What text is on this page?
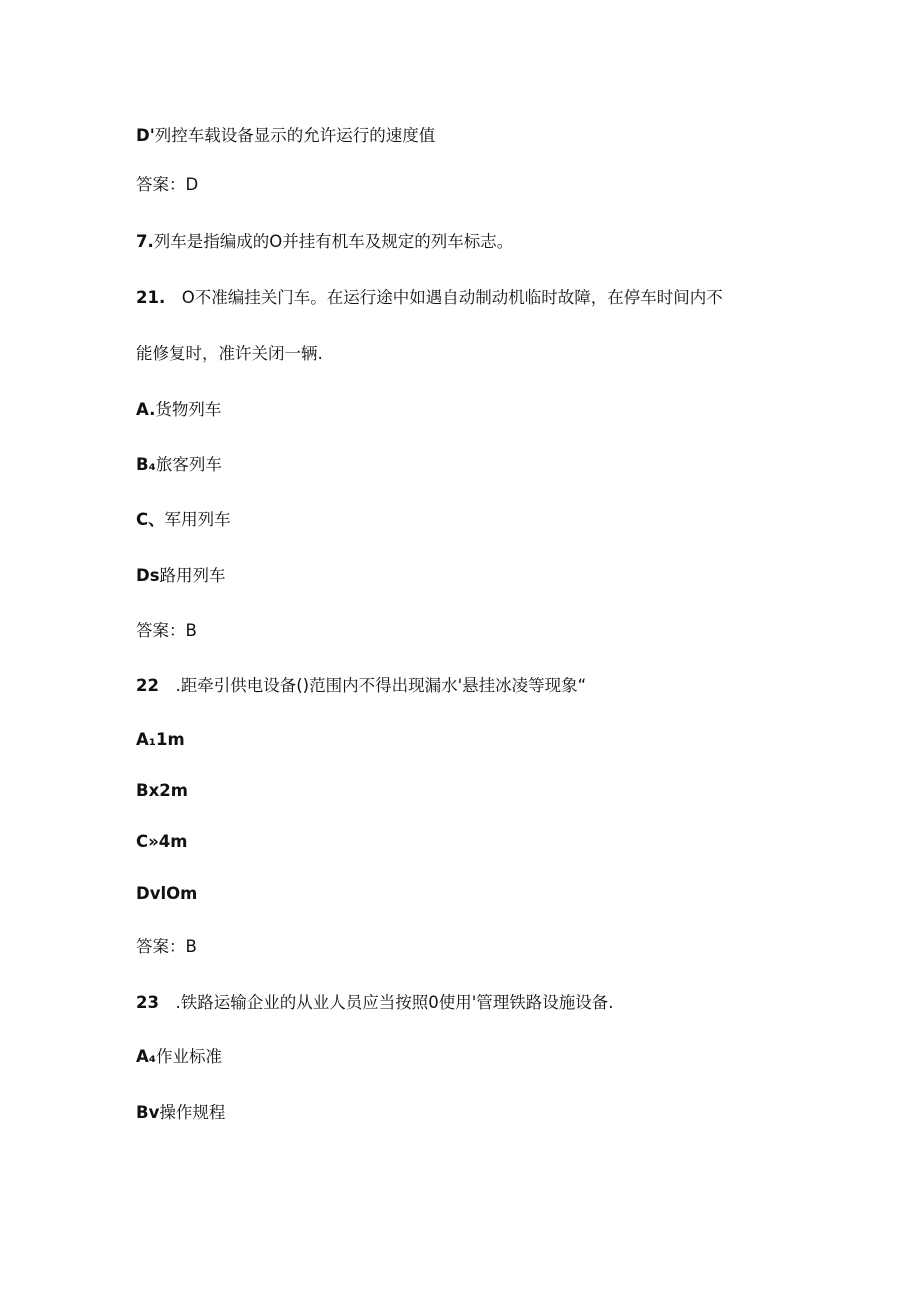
D'列控车载设备显示的允许运行的速度值
答案：D
7.列车是指编成的O并挂有机车及规定的列车标志。
21.　O不准编挂关门车。在运行途中如遇自动制动机临时故障，在停车时间内不
能修复时，准许关闭一辆.
A.货物列车
B₄旅客列车
C、军用列车
Ds路用列车
答案：B
22　.距牵引供电设备()范围内不得出现漏水'悬挂冰凌等现象“
A₁1m
Bx2m
C»4m
DvlOm
答案：B
23　.铁路运输企业的从业人员应当按照0使用'管理铁路设施设备.
A₄作业标准
Bv操作规程
